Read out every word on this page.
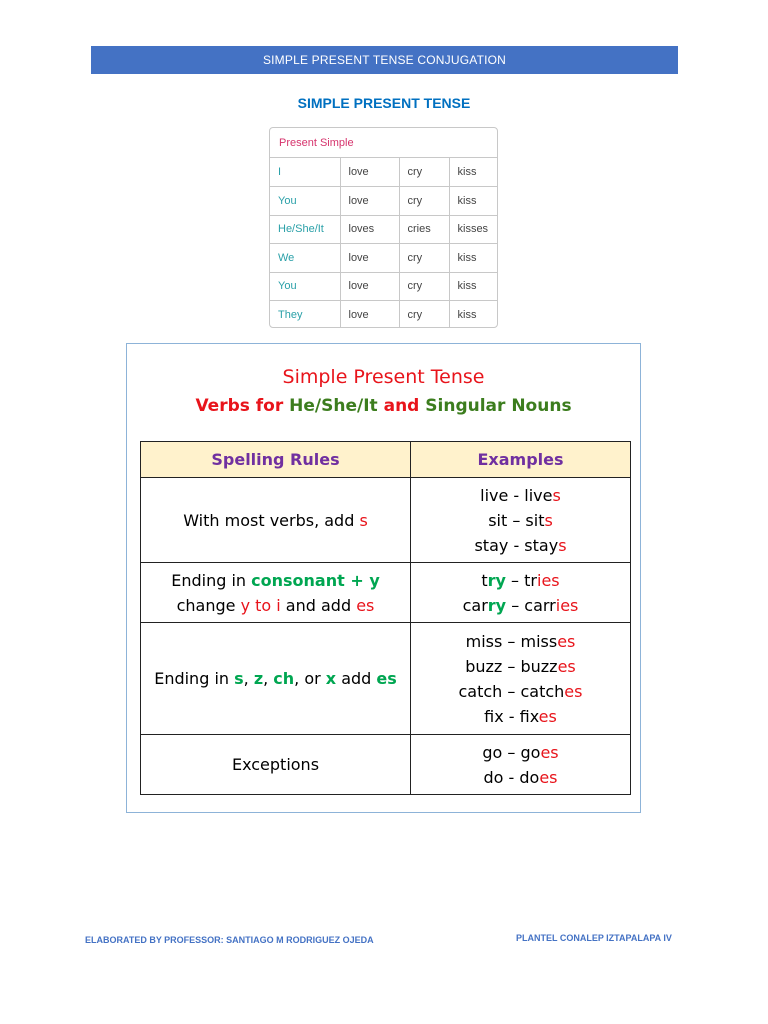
SIMPLE PRESENT TENSE CONJUGATION
SIMPLE PRESENT TENSE
Present Simple
I	love	cry	kiss
You	love	cry	kiss
He/She/It	loves	cries	kisses
We	love	cry	kiss
You	love	cry	kiss
They	love	cry	kiss
Simple Present Tense
Verbs for He/She/It and Singular Nouns
Spelling Rules	Examples
With most verbs, add s	live - lives
sit – sits
stay - stays

Ending in consonant + y
change y to i and add es	try – tries
carry – carries

Ending in s, z, ch, or x add es	miss – misses
buzz – buzzes
catch – catches
fix - fixes

Exceptions	go – goes
do - does
ELABORATED BY PROFESSOR: SANTIAGO M RODRIGUEZ OJEDA	PLANTEL CONALEP IZTAPALAPA IV
